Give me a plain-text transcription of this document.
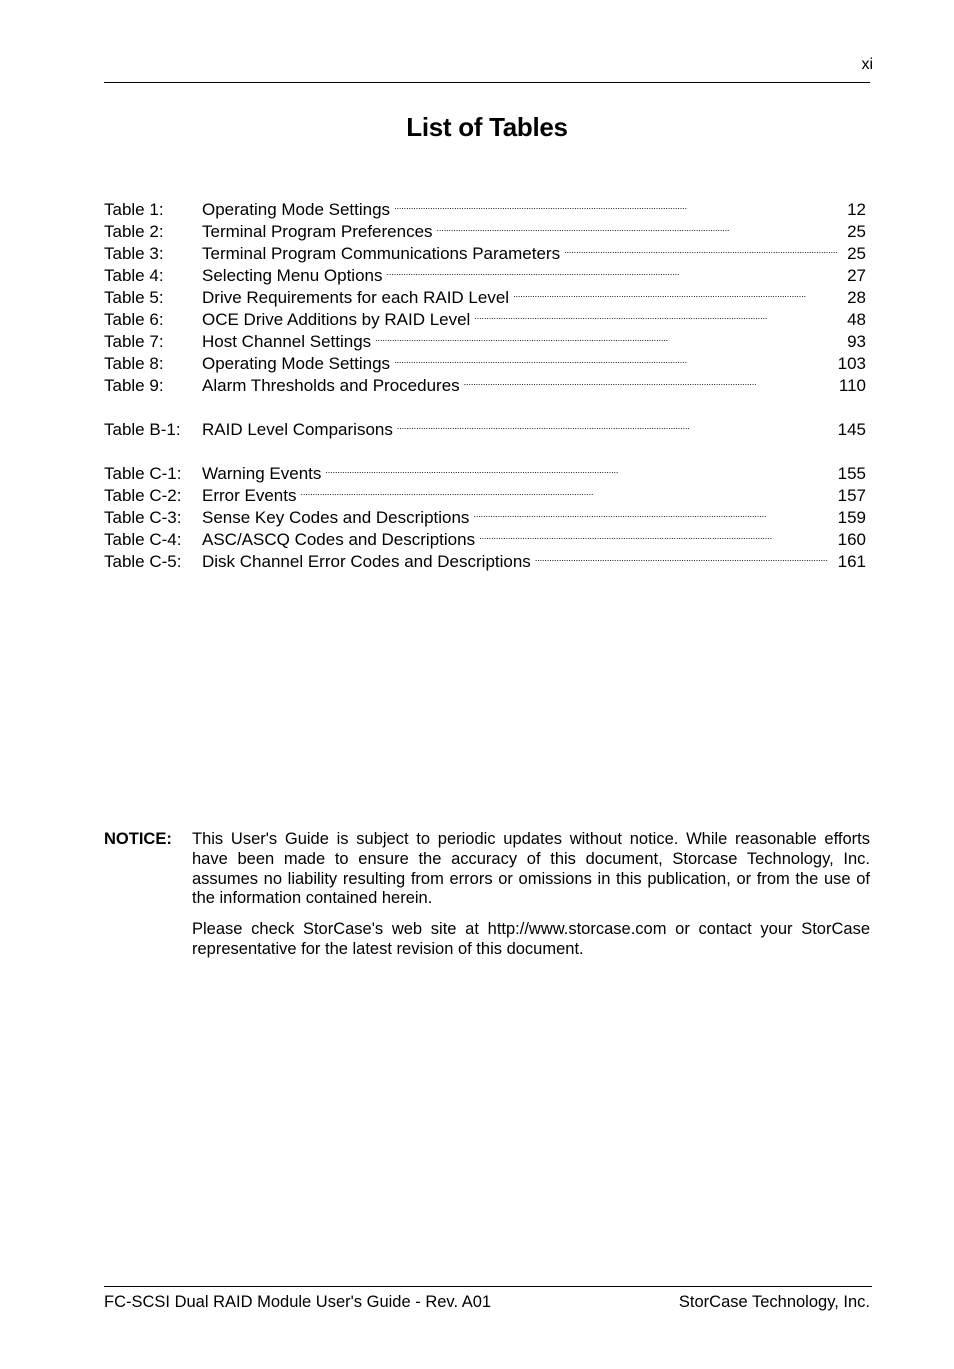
xi
List of Tables
Table 1:	Operating Mode Settings . . .	12
Table 2:	Terminal Program Preferences . . .	25
Table 3:	Terminal Program Communications Parameters . . .	25
Table 4:	Selecting Menu Options . . .	27
Table 5:	Drive Requirements for each RAID Level . . .	28
Table 6:	OCE Drive Additions by RAID Level . . .	48
Table 7:	Host Channel Settings . . .	93
Table 8:	Operating Mode Settings . . .	103
Table 9:	Alarm Thresholds and Procedures . . .	110
Table B-1:	RAID Level Comparisons . . .	145
Table C-1:	Warning Events . . .	155
Table C-2:	Error Events . . .	157
Table C-3:	Sense Key Codes and Descriptions . . .	159
Table C-4:	ASC/ASCQ Codes and Descriptions . . .	160
Table C-5:	Disk Channel Error Codes and Descriptions . . .	161
NOTICE:	This User's Guide is subject to periodic updates without notice. While reasonable efforts have been made to ensure the accuracy of this document, Storcase Technology, Inc. assumes no liability resulting from errors or omissions in this publication, or from the use of the information contained herein.

Please check StorCase's web site at http://www.storcase.com or contact your StorCase representative for the latest revision of this document.

FC-SCSI Dual RAID Module User's Guide - Rev. A01	StorCase Technology, Inc.
